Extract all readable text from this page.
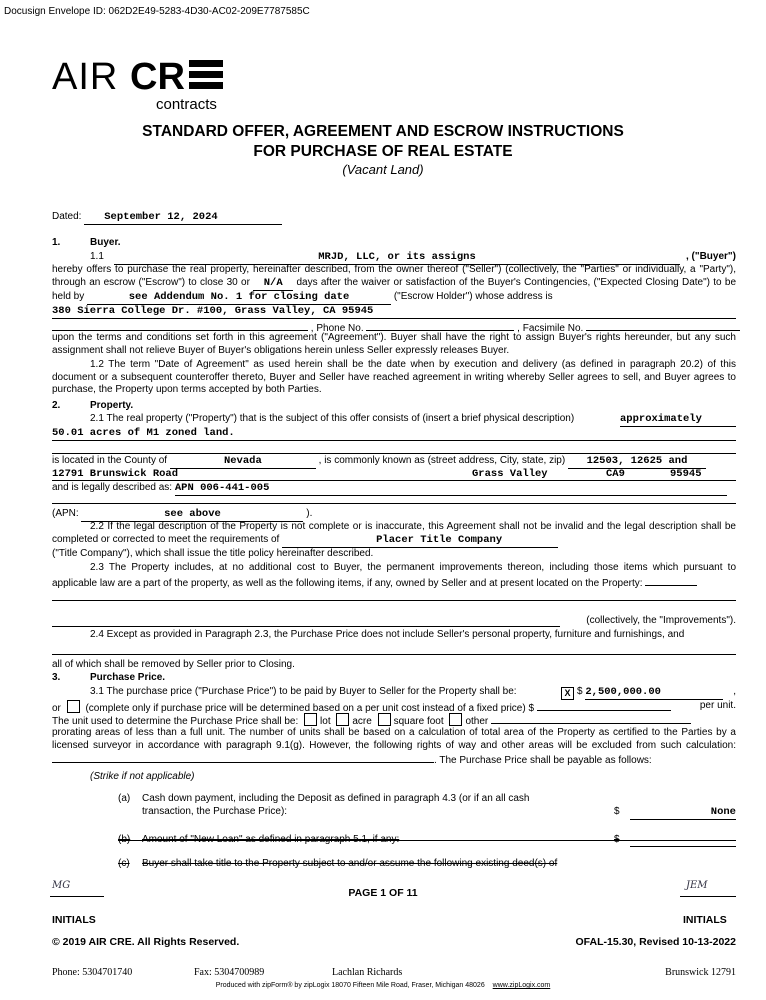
Docusign Envelope ID: 062D2E49-5283-4D30-AC02-209E7787585C
AIR CR
contracts
STANDARD OFFER, AGREEMENT AND ESCROW INSTRUCTIONS
FOR PURCHASE OF REAL ESTATE
(Vacant Land)
Dated: September 12, 2024
1.	Buyer.
1.1	MRJD, LLC, or its assigns	, ("Buyer")
hereby offers to purchase the real property, hereinafter described, from the owner thereof ("Seller") (collectively, the "Parties" or individually, a "Party"), through an escrow ("Escrow") to close 30 or N/A days after the waiver or satisfaction of the Buyer's Contingencies, ("Expected Closing Date") to be held by	see Addendum No. 1 for closing date	("Escrow Holder") whose address is
380 Sierra College Dr. #100, Grass Valley, CA 95945
, Phone No.	, Facsimile No.
upon the terms and conditions set forth in this agreement ("Agreement"). Buyer shall have the right to assign Buyer's rights hereunder, but any such assignment shall not relieve Buyer of Buyer's obligations herein unless Seller expressly releases Buyer.
1.2 The term "Date of Agreement" as used herein shall be the date when by execution and delivery (as defined in paragraph 20.2) of this document or a subsequent counteroffer thereto, Buyer and Seller have reached agreement in writing whereby Seller agrees to sell, and Buyer agrees to purchase, the Property upon terms accepted by both Parties.
2.	Property.
2.1 The real property ("Property") that is the subject of this offer consists of (insert a brief physical description)	approximately
50.01 acres of M1 zoned land.
is located in the County of	Nevada	, is commonly known as (street address, City, state, zip) 12503, 12625 and
12791 Brunswick Road	Grass Valley	CA9	95945
and is legally described as: APN 006-441-005
(APN:	see above	).
2.2 If the legal description of the Property is not complete or is inaccurate, this Agreement shall not be invalid and the legal description shall be completed or corrected to meet the requirements of	Placer Title Company
("Title Company"), which shall issue the title policy hereinafter described.
2.3 The Property includes, at no additional cost to Buyer, the permanent improvements thereon, including those items which pursuant to applicable law are a part of the property, as well as the following items, if any, owned by Seller and at present located on the Property:
(collectively, the "Improvements").
2.4 Except as provided in Paragraph 2.3, the Purchase Price does not include Seller's personal property, furniture and furnishings, and
all of which shall be removed by Seller prior to Closing.
3.	Purchase Price.
3.1 The purchase price ("Purchase Price") to be paid by Buyer to Seller for the Property shall be:	X $ 2,500,000.00	,
or (complete only if purchase price will be determined based on a per unit cost instead of a fixed price) $	per unit.
The unit used to determine the Purchase Price shall be: lot acre square foot other
prorating areas of less than a full unit. The number of units shall be based on a calculation of total area of the Property as certified to the Parties by a licensed surveyor in accordance with paragraph 9.1(g). However, the following rights of way and other areas will be excluded from such calculation: . The Purchase Price shall be payable as follows:
(Strike if not applicable)
(a) Cash down payment, including the Deposit as defined in paragraph 4.3 (or if an all cash
transaction, the Purchase Price):	$	None
(b) Amount of "New Loan" as defined in paragraph 5.1, if any:	$
(c) Buyer shall take title to the Property subject to and/or assume the following existing deed(s) of
MG	JEM
PAGE 1 OF 11
INITIALS	INITIALS
© 2019 AIR CRE. All Rights Reserved.	OFAL-15.30, Revised 10-13-2022
Phone: 5304701740	Fax: 5304700989	Lachlan Richards	Brunswick 12791
Produced with zipForm® by zipLogix 18070 Fifteen Mile Road, Fraser, Michigan 48026 www.zipLogix.com
